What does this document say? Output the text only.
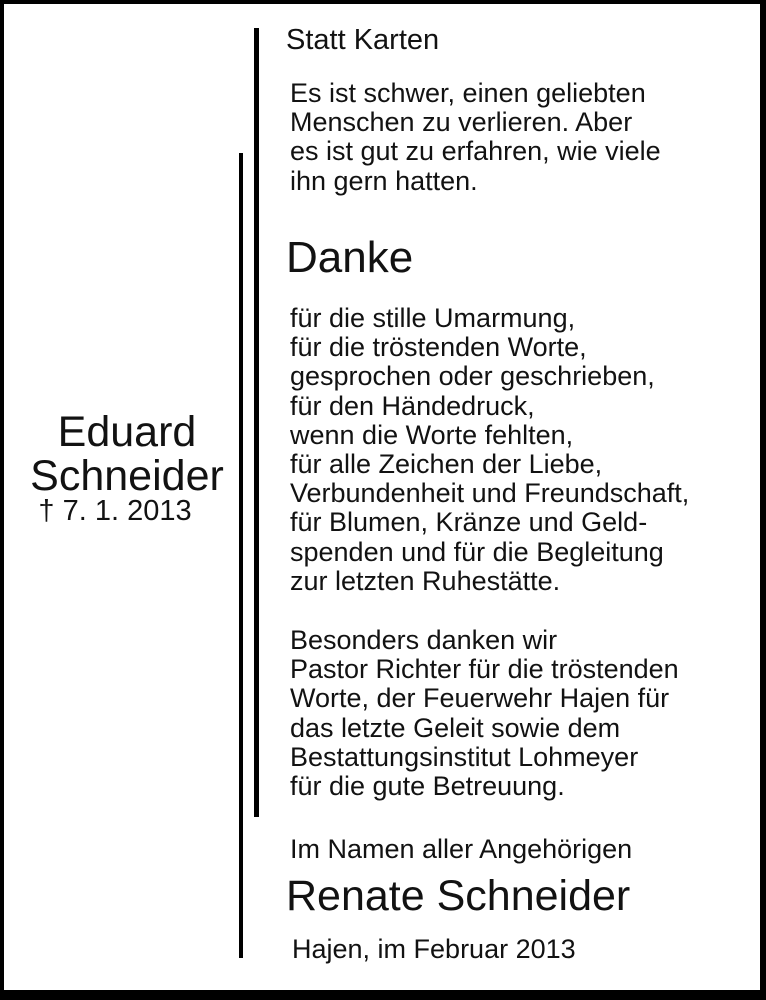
Eduard
Schneider
† 7. 1. 2013
Statt Karten
Es ist schwer, einen geliebten
Menschen zu verlieren. Aber
es ist gut zu erfahren, wie viele
ihn gern hatten.
Danke
für die stille Umarmung,
für die tröstenden Worte,
gesprochen oder geschrieben,
für den Händedruck,
wenn die Worte fehlten,
für alle Zeichen der Liebe,
Verbundenheit und Freundschaft,
für Blumen, Kränze und Geld-
spenden und für die Begleitung
zur letzten Ruhestätte.
Besonders danken wir
Pastor Richter für die tröstenden
Worte, der Feuerwehr Hajen für
das letzte Geleit sowie dem
Bestattungsinstitut Lohmeyer
für die gute Betreuung.
Im Namen aller Angehörigen
Renate Schneider
Hajen, im Februar 2013
